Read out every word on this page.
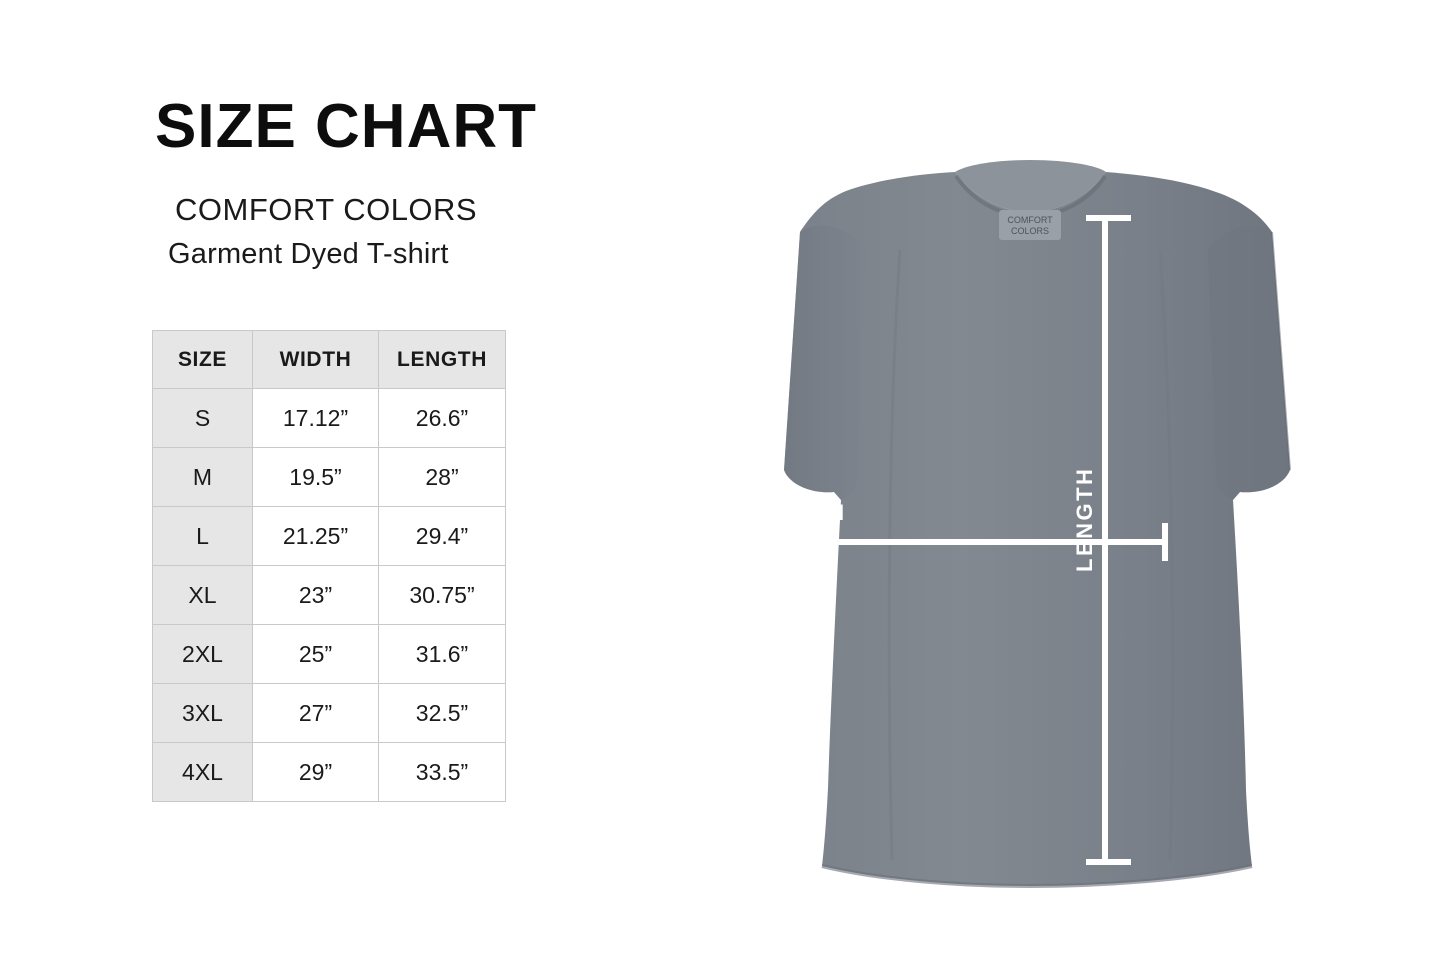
SIZE CHART
COMFORT COLORS
Garment Dyed T-shirt
SIZE	WIDTH	LENGTH
S	17.12”	26.6”
M	19.5”	28”
L	21.25”	29.4”
XL	23”	30.75”
2XL	25”	31.6”
3XL	27”	32.5”
4XL	29”	33.5”
COMFORT
COLORS
WIDTH	LENGTH
